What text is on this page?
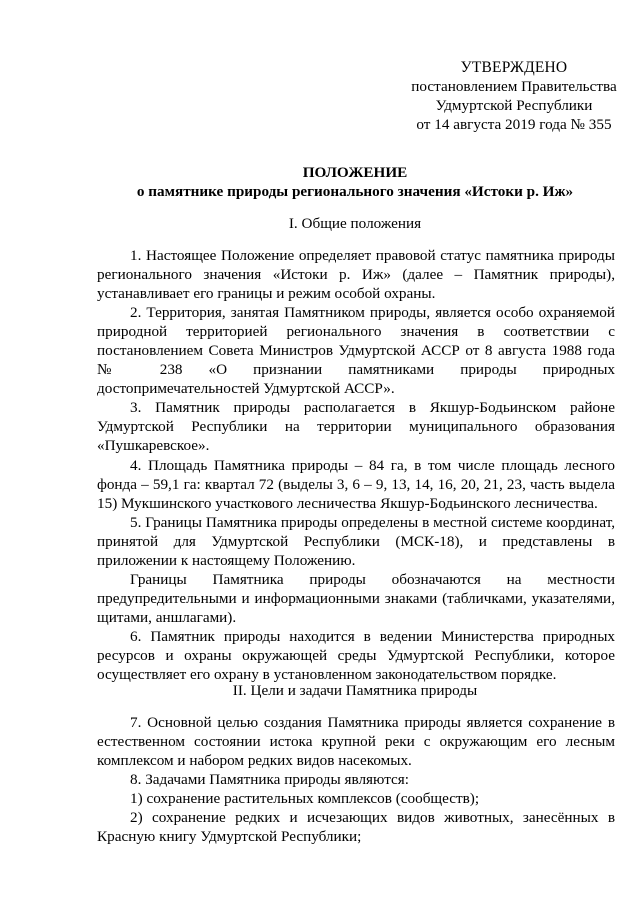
УТВЕРЖДЕНО
постановлением Правительства
Удмуртской Республики
от 14 августа 2019 года № 355
ПОЛОЖЕНИЕ
о памятнике природы регионального значения «Истоки р. Иж»
I. Общие положения

1. Настоящее Положение определяет правовой статус памятника природы регионального значения «Истоки р. Иж» (далее – Памятник природы), устанавливает его границы и режим особой охраны.

2. Территория, занятая Памятником природы, является особо охраняемой природной территорией регионального значения в соответствии с постановлением Совета Министров Удмуртской АССР от 8 августа 1988 года № 238 «О признании памятниками природы природных достопримечательностей Удмуртской АССР».

3. Памятник природы располагается в Якшур-Бодьинском районе Удмуртской Республики на территории муниципального образования «Пушкаревское».

4. Площадь Памятника природы – 84 га, в том числе площадь лесного фонда – 59,1 га: квартал 72 (выделы 3, 6 – 9, 13, 14, 16, 20, 21, 23, часть выдела 15) Мукшинского участкового лесничества Якшур-Бодьинского лесничества.

5. Границы Памятника природы определены в местной системе координат, принятой для Удмуртской Республики (МСК-18), и представлены в приложении к настоящему Положению.

Границы Памятника природы обозначаются на местности предупредительными и информационными знаками (табличками, указателями, щитами, аншлагами).

6. Памятник природы находится в ведении Министерства природных ресурсов и охраны окружающей среды Удмуртской Республики, которое осуществляет его охрану в установленном законодательством порядке.

II. Цели и задачи Памятника природы

7. Основной целью создания Памятника природы является сохранение в естественном состоянии истока крупной реки с окружающим его лесным комплексом и набором редких видов насекомых.

8. Задачами Памятника природы являются:

1) сохранение растительных комплексов (сообществ);

2) сохранение редких и исчезающих видов животных, занесённых в Красную книгу Удмуртской Республики;
